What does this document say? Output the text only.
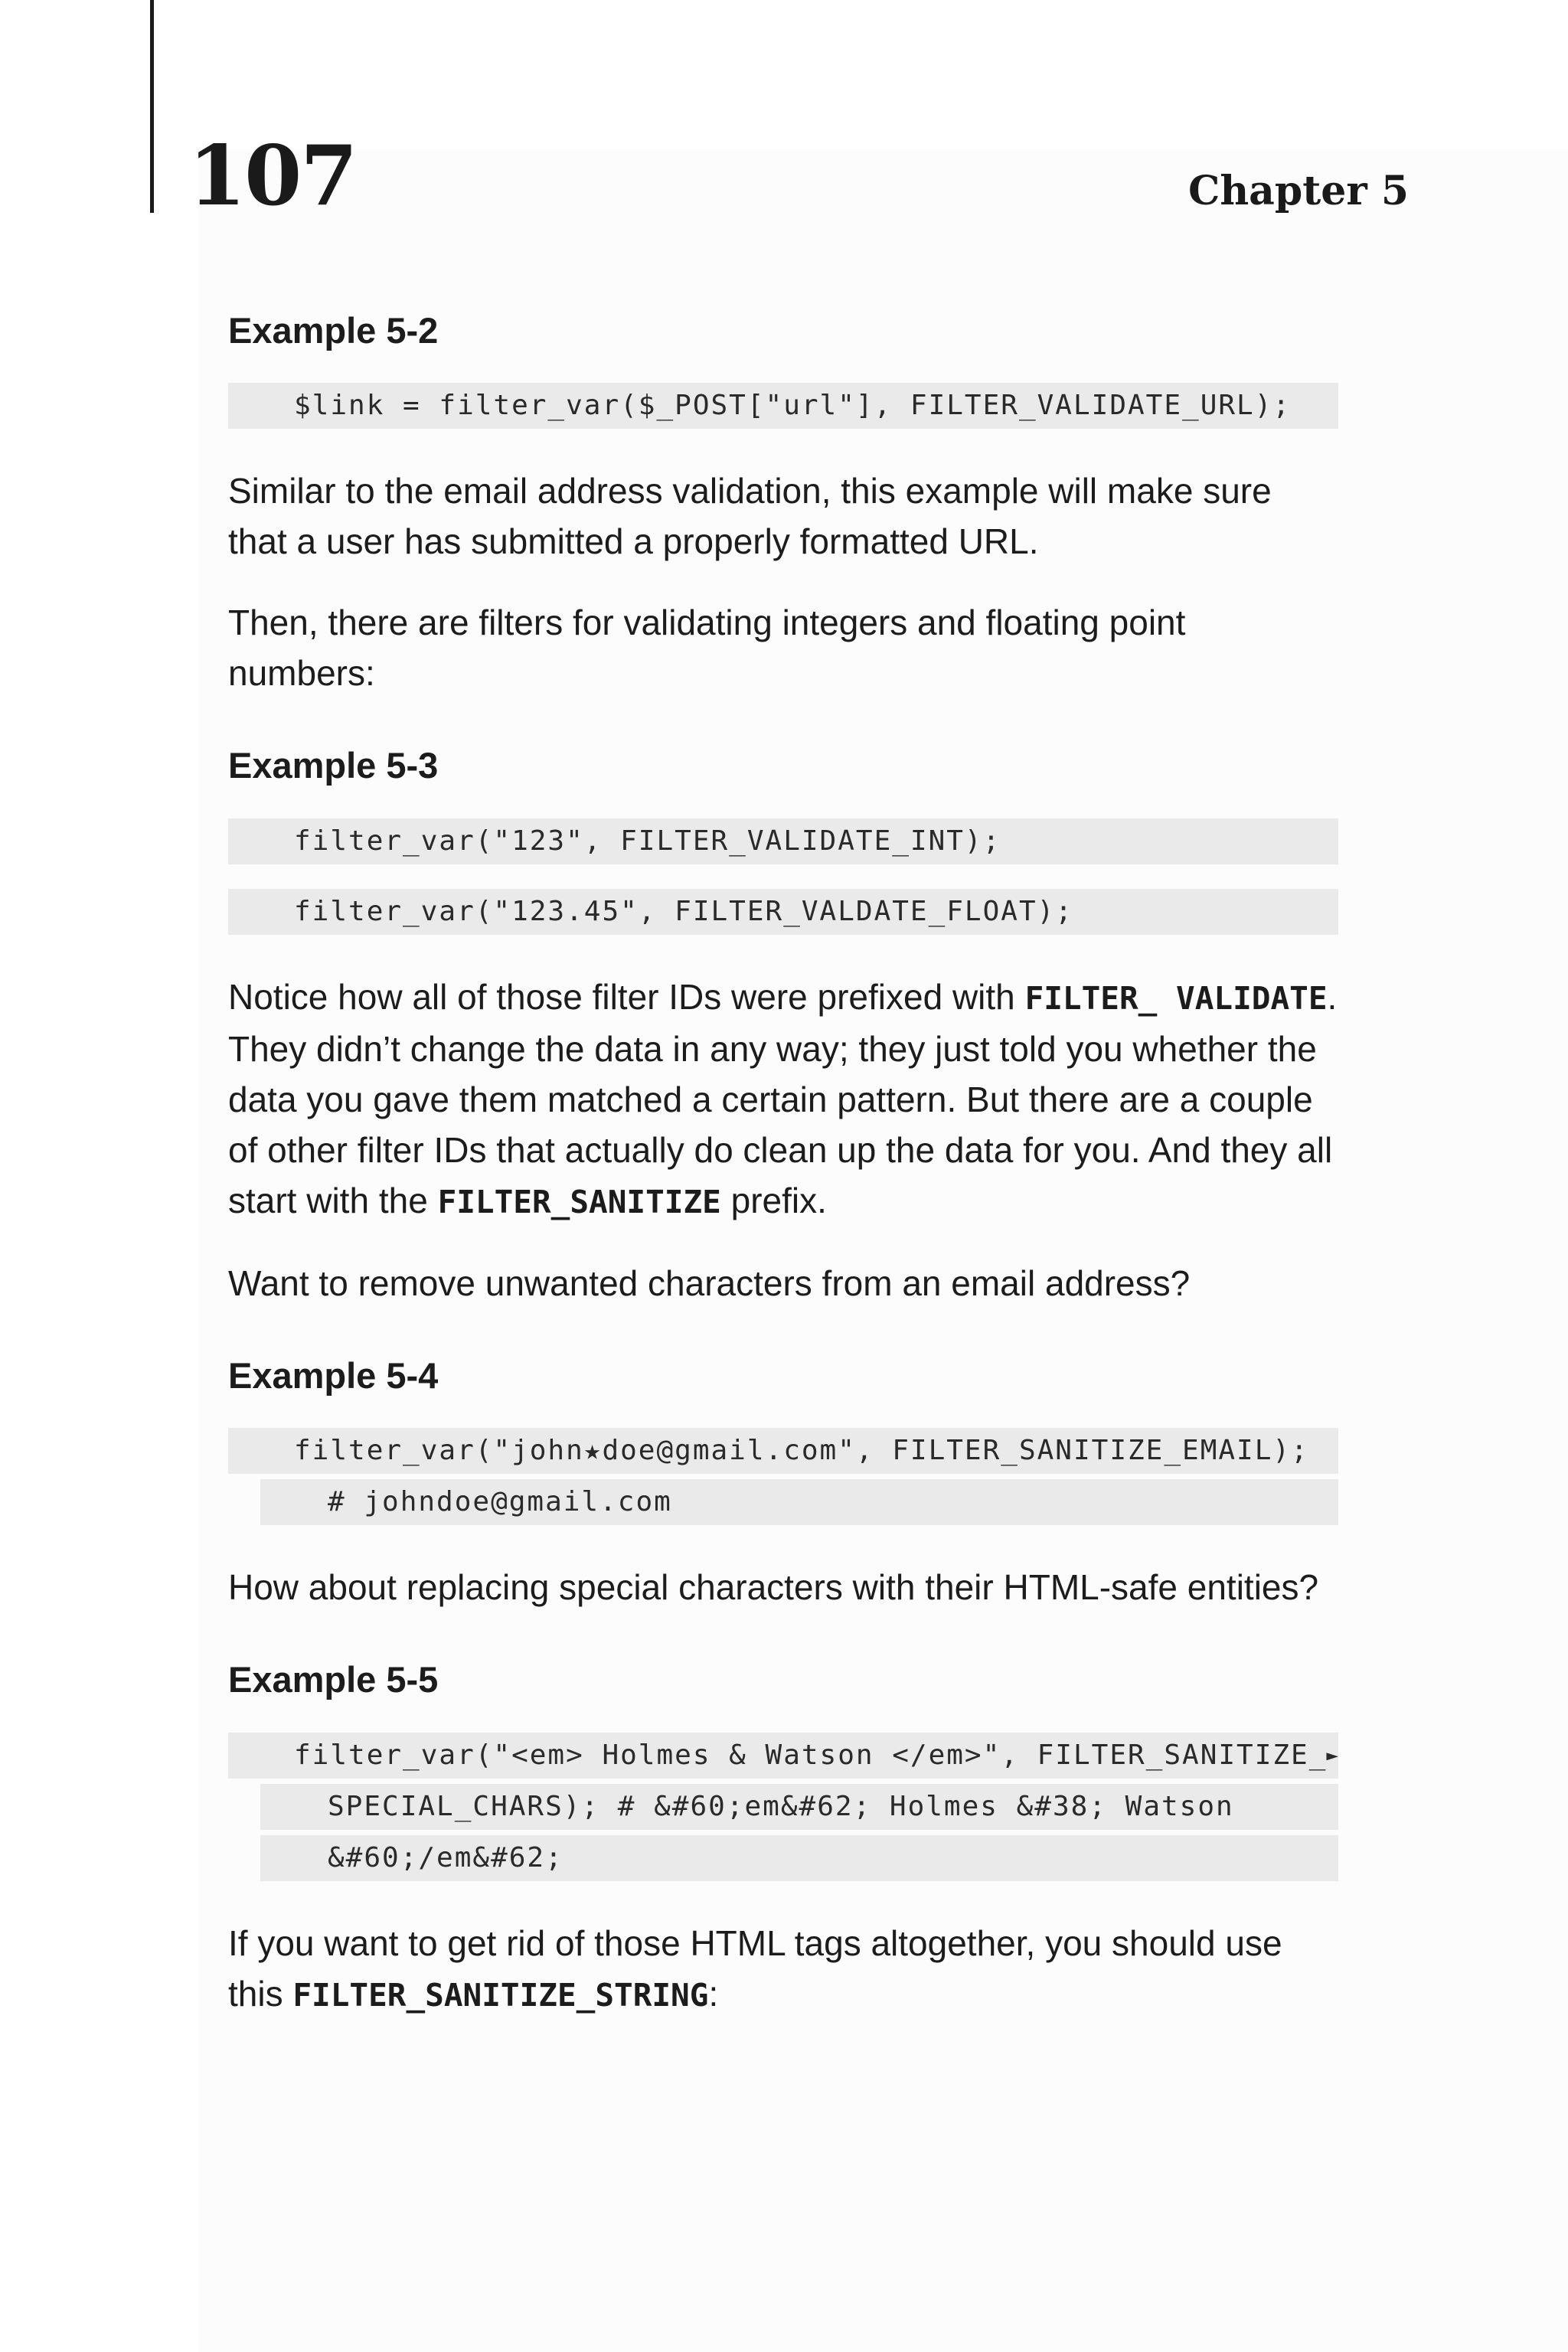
107	Chapter 5
Example 5-2
$link = filter_var($_POST["url"], FILTER_VALIDATE_URL);

Similar to the email address validation, this example will make sure that a user has submitted a properly formatted URL.

Then, there are filters for validating integers and floating point numbers:

Example 5-3
filter_var("123", FILTER_VALIDATE_INT);
filter_var("123.45", FILTER_VALDATE_FLOAT);

Notice how all of those filter IDs were prefixed with FILTER_ VALIDATE. They didn’t change the data in any way; they just told you whether the data you gave them matched a certain pattern. But there are a couple of other filter IDs that actually do clean up the data for you. And they all start with the FILTER_SANITIZE prefix.

Want to remove unwanted characters from an email address?

Example 5-4
filter_var("john★doe@gmail.com", FILTER_SANITIZE_EMAIL);
# johndoe@gmail.com

How about replacing special characters with their HTML-safe entities?

Example 5-5
filter_var("<em> Holmes & Watson </em>", FILTER_SANITIZE_
►
SPECIAL_CHARS); # &#60;em&#62; Holmes &#38; Watson
&#60;/em&#62;

If you want to get rid of those HTML tags altogether, you should use this FILTER_SANITIZE_STRING:
